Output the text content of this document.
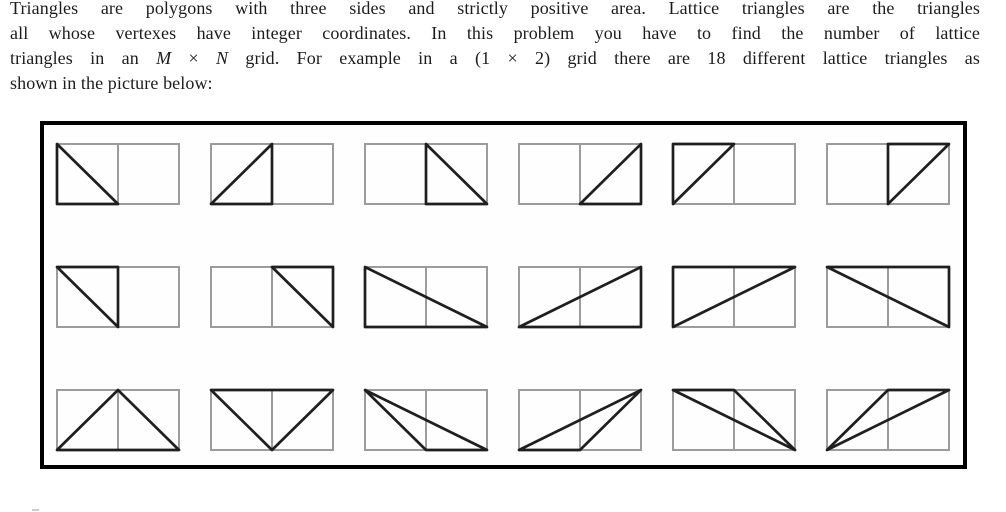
Triangles are polygons with three sides and strictly positive area. Lattice triangles are the triangles
all whose vertexes have integer coordinates. In this problem you have to find the number of lattice
triangles in an M × N grid. For example in a (1 × 2) grid there are 18 different lattice triangles as
shown in the picture below:
